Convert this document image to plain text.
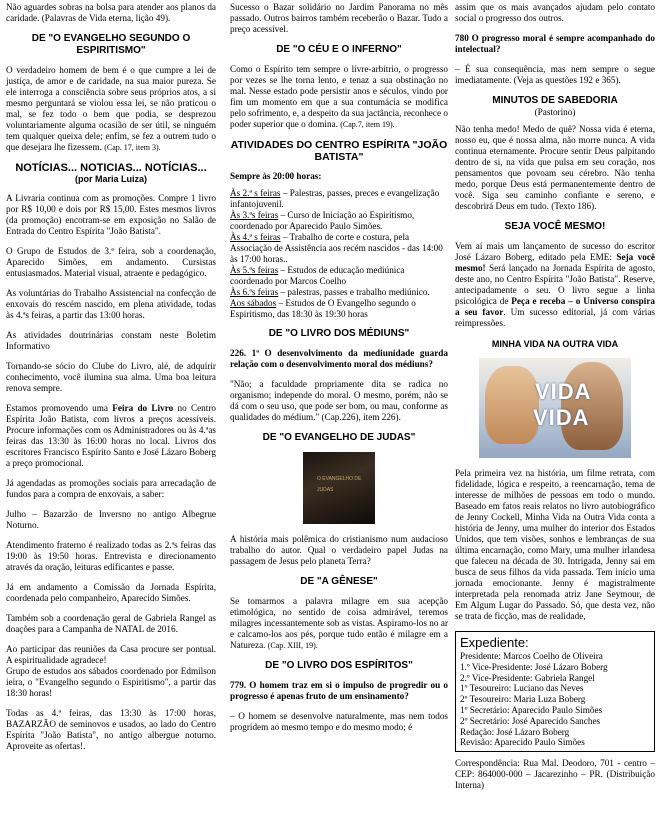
Não aguardes sobras na bolsa para atender aos planos da caridade. (Palavras de Vida eterna, lição 49).

DE "O EVANGELHO SEGUNDO O ESPIRITISMO"

O verdadeiro homem de bem é o que cumpre a lei de justiça, de amor e de caridade, na sua maior pureza. Se ele interroga a consciência sobre seus próprios atos, a si mesmo perguntará se violou essa lei, se não praticou o mal, se fez todo o bem que podia, se desprezou voluntariamente alguma ocasião de ser útil, se ninguém tem qualquer queixa dele; enfim, se fez a outrem tudo o que desejara lhe fizessem. (Cap. 17, item 3).

NOTÍCIAS... NOTICIAS... NOTÍCIAS...
(por Maria Luiza)

A Livraria continua com as promoções. Compre 1 livro por R$ 10,00 e dois por R$ 15,00. Estes mesmos livros (da promoção) encotram-se em exposição no Salão de Entrada do Centro Espírita "João Batista".

O Grupo de Estudos de 3.ª feira, sob a coordenação, Aparecido Simões, em andamento. Cursistas entusiasmados. Material visual, atraente e pedagógico.

As voluntárias do Trabalho Assistencial na confecção de enxovais do rescém nascido, em plena atividade, todas às 4.ªs feiras, a partir das 13:00 horas.

As atividades doutrinárias constam neste Boletim Informativo

Tornando-se sócio do Clube do Livro, alé, de adquirir conhecimento, você ilumina sua alma. Uma boa leitura renova sempre.

Estamos promovendo uma Feira do Livro no Centro Espírita João Batista, com livros a preços acessíveis. Procure informações com os Administradores ou às 4.ªas feiras das 13:30 às 16:00 horas no local. Livros dos escritores Francisco Espírito Santo e José Lázaro Boberg a preço promocional.

Já agendadas as promoções sociais para arrecadação de fundos para a compra de enxovais, a saber:

Julho – Bazarzão de Inversno no antigo Albegrue Noturno.

Atendimento fraterno é realizado todas as 2.ªs feiras das 19:00 às 19:50 horas. Entrevista e direcionamento através da oração, leituras edificantes e passe.

Já em andamento a Comissão da Jornada Espírita, coordenada pelo companheiro, Aparecido Simões.

Também sob a coordenação geral de Gabriela Rangel as doações para a Campanha de NATAL de 2016.

Ao participar das reuniões da Casa procure ser pontual. A espiritualidade agradece!

Grupo de estudos aos sábados coordenado por Edmilson ieira, o "Evangelho segundo o Espiritismo", a partir das 18:30 horas!

Todas as 4.ª feiras, das 13:30 às 17:00 horas, BAZARZÃO de seminovos e usados, ao lado do Centro Espírita "João Batista", no antigo albergue noturno. Aproveite as ofertas!.

Sucesso o Bazar solidário no Jardim Panorama no mês passado. Outros bairros também receberão o Bazar. Tudo a preço acessível.

DE "O CÉU E O INFERNO"

Como o Espírito tem sempre o livre-arbítrio, o progresso por vezes se lhe torna lento, e tenaz a sua obstinação no mal. Nesse estado pode persistir anos e séculos, vindo por fim um momento em que a sua contumácia se modifica pelo sofrimento, e, a despeito da sua jactância, reconhece o poder superior que o domina. (Cap.7, item 19).

ATIVIDADES DO CENTRO ESPÍRITA "JOÃO BATISTA"

Sempre às 20:00 horas:

Às 2.ª s feiras – Palestras, passes, preces e evangelização infantojuvenil.
Às 3.ªs feiras – Curso de Iniciação ao Espiritismo, coordenado por Aparecido Paulo Simões.
Às 4.ª s feiras – Trabalho de corte e costura, pela Associação de Assistência aos recém nascidos - das 14:00 às 17:00 horas..
Às 5.ªs feiras – Estudos de educação mediúnica coordenado por Marcos Coelho
Às 6.ªs feiras – palestras, passes e trabalho mediúnico.
Aos sábados – Estudos de O Evangelho segundo o Espiritismo, das 18:30 às 19:30 horas
DE "O LIVRO DOS MÉDIUNS"

226. 1ª O desenvolvimento da mediunidade guarda relação com o desenvolvimento moral dos médiuns?

"Não; a faculdade propriamente dita se radica no organismo; independe do moral. O mesmo, porém, não se dá com o seu uso, que pode ser bom, ou mau, conforme as qualidades do médium." (Cap.226), item 226).

DE "O EVANGELHO DE JUDAS"
O EVANGELHO DE JUDAS

A história mais polêmica do cristianismo num audacioso trabalho do autor. Qual o verdadeiro papel Judas na passagem de Jesus pelo planeta Terra?

DE "A GÊNESE"

Se tomarmos a palavra milagre em sua acepção etimológica, no sentido de coisa admirável, teremos milagres incessantemente sob as vistas. Aspiramo-los no ar e calcamo-los aos pés, porque tudo então é milagre em a Natureza. (Cap. XIII, 19).

DE "O LIVRO DOS ESPÍRITOS"

779. O homem traz em si o impulso de progredir ou o progresso é apenas fruto de um ensinamento?

– O homem se desenvolve naturalmente, mas nem todos progridem ao mesmo tempo e do mesmo modo; é

assim que os mais avançados ajudam pelo contato social o progresso dos outros.

780 O progresso moral é sempre acompanhado do intelectual?

– É sua consequência, mas nem sempre o segue imediatamente. (Veja as questões 192 e 365).

MINUTOS DE SABEDORIA
(Pastorino)

Não tenha medo! Medo de quê? Nossa vida é eterna, nosso eu, que é nossa alma, não morre nunca. A vida continua eternamente. Procure sentir Deus palpitando dentro de si, na vida que pulsa em seu coração, nos pensamentos que povoam seu cérebro. Não tenha medo, porque Deus está permanentemente dentro de você. Siga seu caminho confiante e sereno, e descobrirá Deus em tudo. (Texto 186).

SEJA VOCÊ MESMO!

Vem aí mais um lançamento de sucesso do escritor José Lázaro Boberg, editado pela EME: Seja você mesmo! Será lançado na Jornada Espírita de agosto, deste ano, no Centro Espírita "João Batista". Reserve, antecipadamente o seu. O livro segue a linha psicológica de Peça e receba – o Universo conspira a seu favor. Um sucesso editorial, já com várias reimpressões.

MINHA VIDA NA OUTRA VIDA
VIDA
VIDA

Pela primeira vez na história, um filme retrata, com fidelidade, lógica e respeito, a reencarnação, tema de interesse de milhões de pessoas em todo o mundo. Baseado em fatos reais relatos no livro autobiográfico de Jenny Cockell, Minha Vida na Outra Vida conta a história de Jenny, uma mulher do interior dos Estados Unidos, que tem visões, sonhos e lembranças de sua última encarnação, como Mary, uma mulher irlandesa que faleceu na década de 30. Intrigada, Jenny sai em busca de seus filhos da vida passada. Tem início uma jornada emocionante. Jenny é magistralmente interpretada pela renomada atriz Jane Seymour, de Em Algum Lugar do Passado. Só, que desta vez, não se trata de ficção, mas de realidade,

Expediente:
Presidente: Marcos Coelho de Oliveira
1.º Vice-Presidente: José Lázaro Boberg
2.º Vice-Presidente: Gabriela Rangel
1º Tesoureiro: Luciano das Neves
2º Tesoureiro: Maria Luza Boberg
1º Secretário: Aparecido Paulo Simões
2º Secretário: José Aparecido Sanches
Redação: José Lázaro Boberg
Revisão: Aparecido Paulo Simões

Correspondência: Rua Mal. Deodoro, 701 - centro – CEP: 864000-000 – Jacarezinho – PR. (Distribuição Interna)
